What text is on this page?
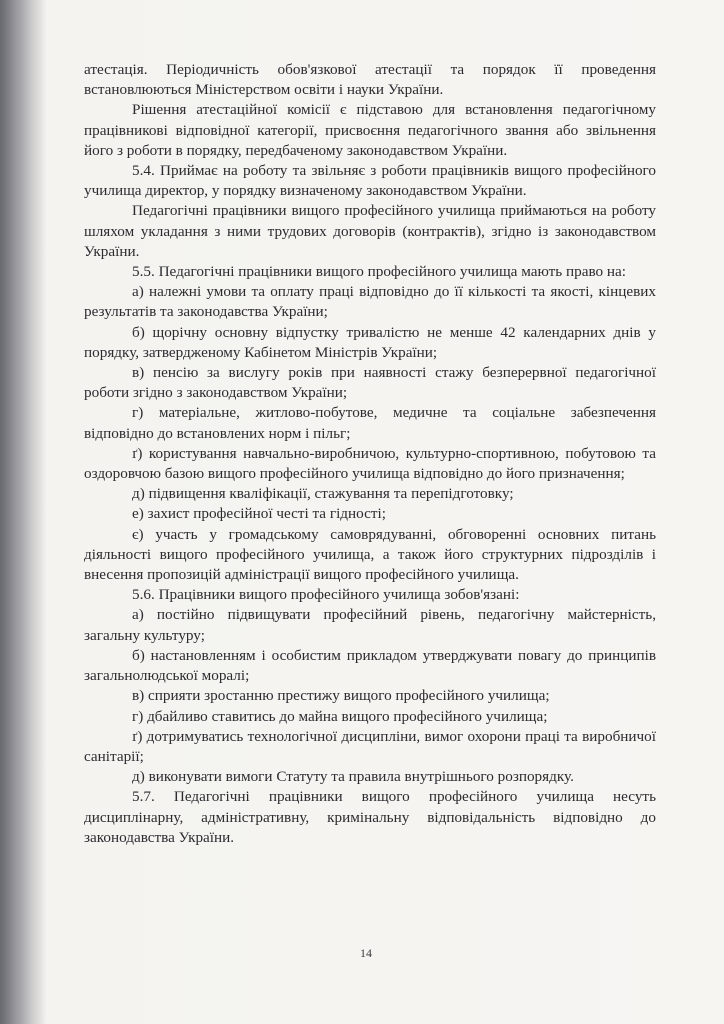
атестація. Періодичність обов'язкової атестації та порядок її проведення встановлюються Міністерством освіти і науки України.

Рішення атестаційної комісії є підставою для встановлення педагогічному працівникові відповідної категорії, присвоєння педагогічного звання або звільнення його з роботи в порядку, передбаченому законодавством України.

5.4. Приймає на роботу та звільняє з роботи працівників вищого професійного училища директор, у порядку визначеному законодавством України.

Педагогічні працівники вищого професійного училища приймаються на роботу шляхом укладання з ними трудових договорів (контрактів), згідно із законодавством України.

5.5. Педагогічні працівники вищого професійного училища мають право на:

а) належні умови та оплату праці відповідно до її кількості та якості, кінцевих результатів та законодавства України;

б) щорічну основну відпустку тривалістю не менше 42 календарних днів у порядку, затвердженому Кабінетом Міністрів України;

в) пенсію за вислугу років при наявності стажу безперервної педагогічної роботи згідно з законодавством України;

г) матеріальне, житлово-побутове, медичне та соціальне забезпечення відповідно до встановлених норм і пільг;

ґ) користування навчально-виробничою, культурно-спортивною, побутовою та оздоровчою базою вищого професійного училища відповідно до його призначення;

д) підвищення кваліфікації, стажування та перепідготовку;

е) захист професійної честі та гідності;

є) участь у громадському самоврядуванні, обговоренні основних питань діяльності вищого професійного училища, а також його структурних підрозділів і внесення пропозицій адміністрації вищого професійного училища.

5.6. Працівники вищого професійного училища зобов'язані:

а) постійно підвищувати професійний рівень, педагогічну майстерність, загальну культуру;

б) настановленням і особистим прикладом утверджувати повагу до принципів загальнолюдської моралі;

в) сприяти зростанню престижу вищого професійного училища;

г) дбайливо ставитись до майна вищого професійного училища;

ґ) дотримуватись технологічної дисципліни, вимог охорони праці та виробничої санітарії;

д) виконувати вимоги Статуту та правила внутрішнього розпорядку.

5.7. Педагогічні працівники вищого професійного училища несуть дисциплінарну, адміністративну, кримінальну відповідальність відповідно до законодавства України.

14
